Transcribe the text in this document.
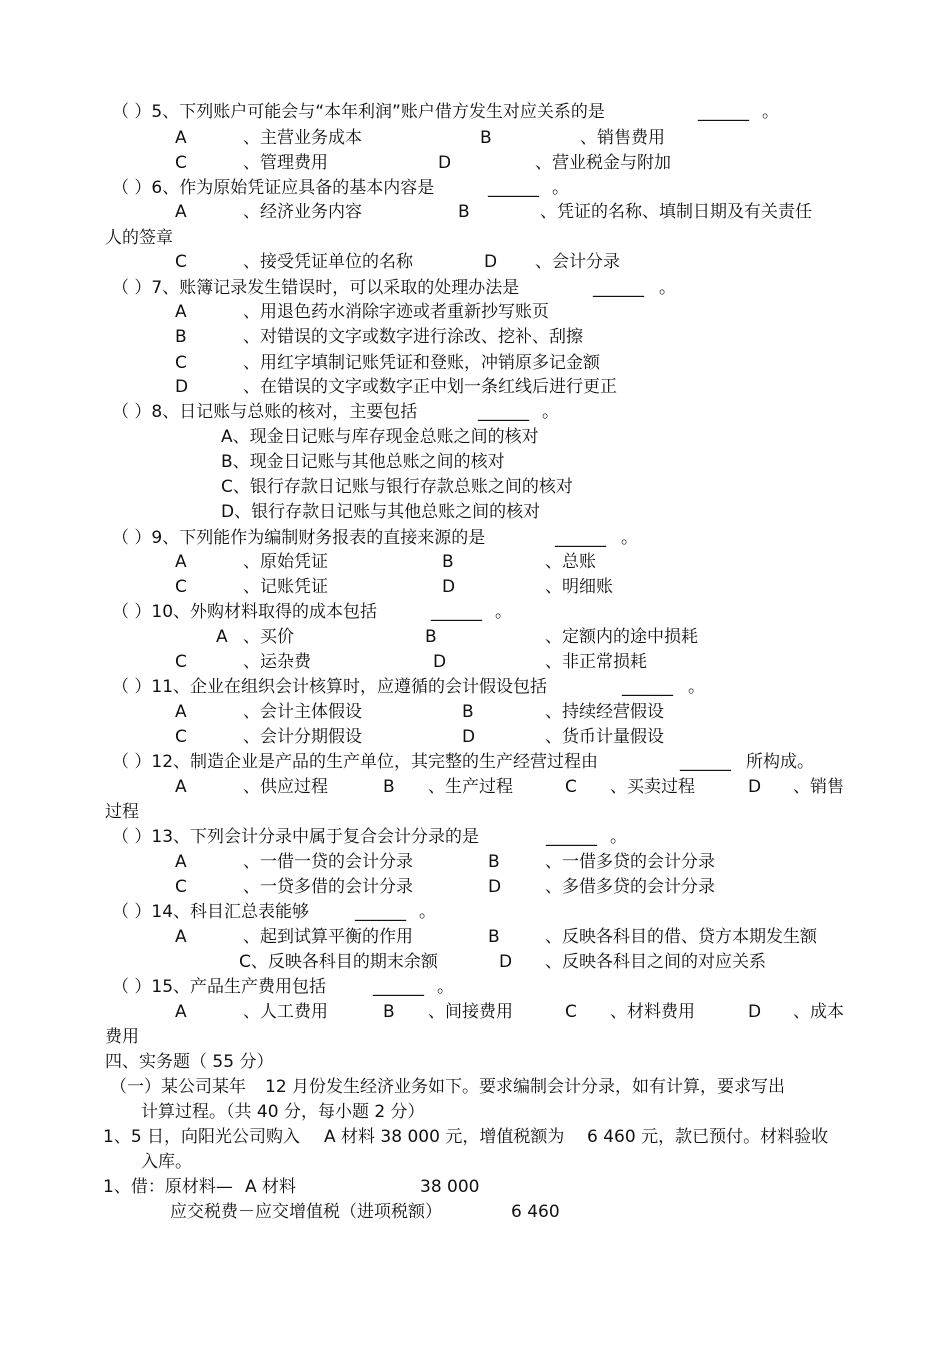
（ ）5、下列账户可能会与“本年利润”账户借方发生对应关系的是	______ 。
A	、主营业务成本	B	、销售费用
C	、管理费用	D	、营业税金与附加
（ ）6、作为原始凭证应具备的基本内容是	______ 。
A	、经济业务内容	B	、凭证的名称、填制日期及有关责任
人的签章
C	、接受凭证单位的名称	D 、会计分录
（ ）7、账簿记录发生错误时，可以采取的处理办法是	______ 。
A	、用退色药水消除字迹或者重新抄写账页
B	、对错误的文字或数字进行涂改、挖补、刮擦
C	、用红字填制记账凭证和登账，冲销原多记金额
D	、在错误的文字或数字正中划一条红线后进行更正
（ ）8、日记账与总账的核对，主要包括	______ 。
A、现金日记账与库存现金总账之间的核对
B、现金日记账与其他总账之间的核对
C、银行存款日记账与银行存款总账之间的核对
D、银行存款日记账与其他总账之间的核对
（ ）9、下列能作为编制财务报表的直接来源的是	______ 。
A	、原始凭证	B	、总账
C	、记账凭证	D	、明细账
（ ）10、外购材料取得的成本包括	______ 。
A 、买价	B	、定额内的途中损耗
C	、运杂费	D	、非正常损耗
（ ）11、企业在组织会计核算时，应遵循的会计假设包括	______ 。
A	、会计主体假设	B	、持续经营假设
C	、会计分期假设	D	、货币计量假设
（ ）12、制造企业是产品的生产单位，其完整的生产经营过程由	______ 所构成。
A	、供应过程	B 、生产过程	C 、买卖过程	D 、销售
过程
（ ）13、下列会计分录中属于复合会计分录的是	______ 。
A	、一借一贷的会计分录	B	、一借多贷的会计分录
C	、一贷多借的会计分录	D	、多借多贷的会计分录
（ ）14、科目汇总表能够	______ 。
A	、起到试算平衡的作用	B	、反映各科目的借、贷方本期发生额
C、反映各科目的期末余额	D 、反映各科目之间的对应关系
（ ）15、产品生产费用包括	______ 。
A	、人工费用	B 、间接费用	C 、材料费用	D 、成本
费用
四、实务题（ 55 分）
（一）某公司某年 12 月份发生经济业务如下。要求编制会计分录，如有计算，要求写出
计算过程。（共 40 分，每小题 2 分）
1、5 日，向阳光公司购入 A 材料 38 000 元，增值税额为 6 460 元，款已预付。材料验收
入库。
1、借：原材料— A 材料	38 000
应交税费－应交增值税（进项税额）	6 460
